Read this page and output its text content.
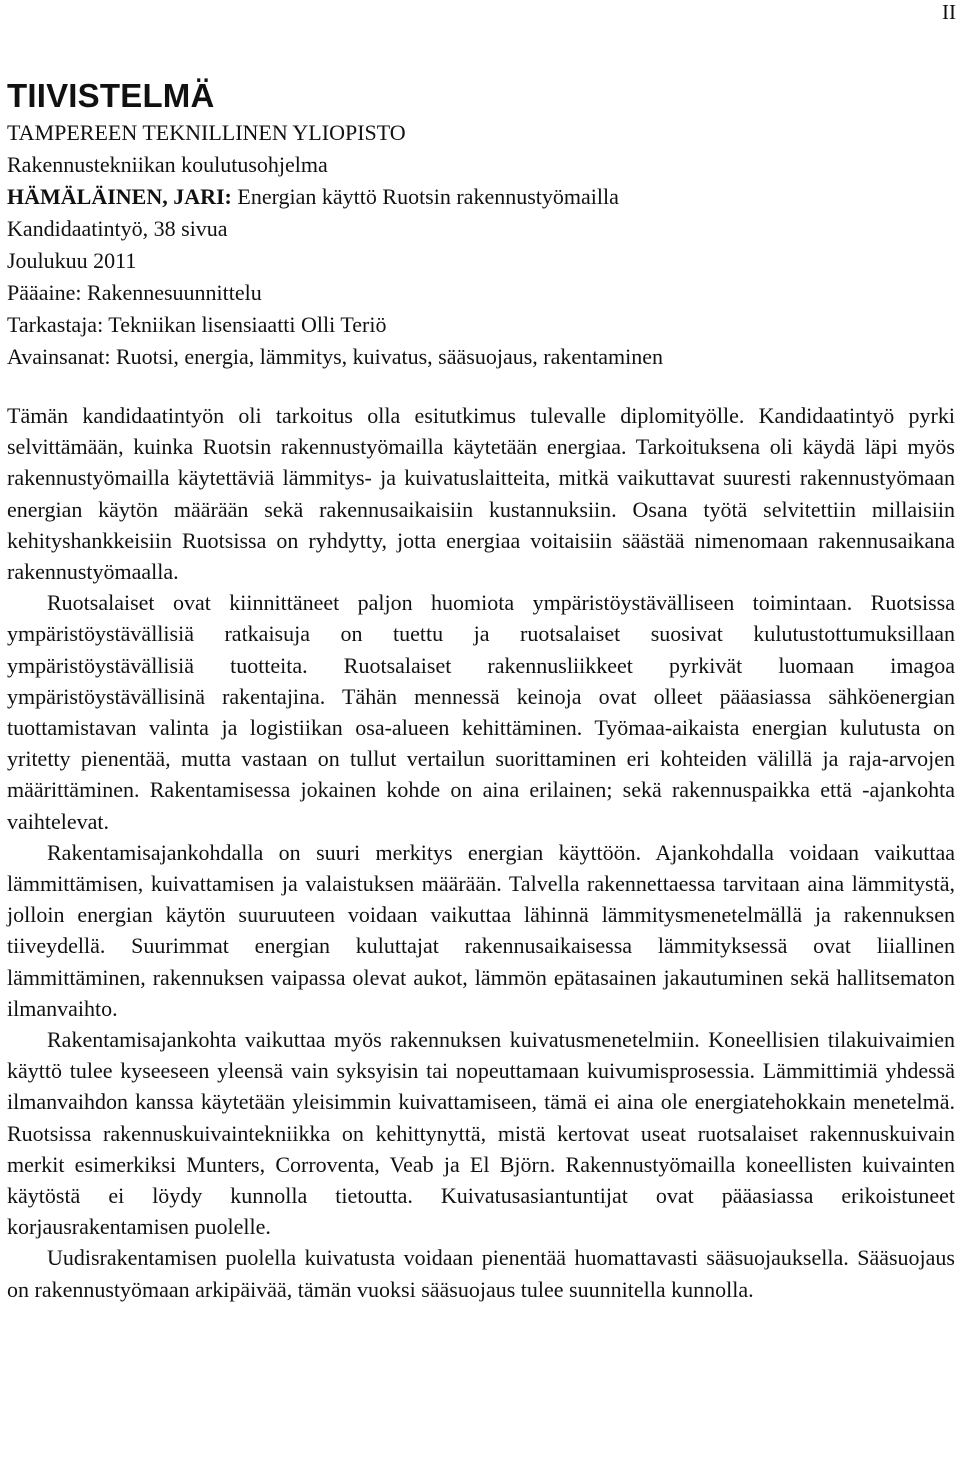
II
TIIVISTELMÄ
TAMPEREEN TEKNILLINEN YLIOPISTO
Rakennustekniikan koulutusohjelma
HÄMÄLÄINEN, JARI: Energian käyttö Ruotsin rakennustyömailla
Kandidaatintyö, 38 sivua
Joulukuu 2011
Pääaine: Rakennesuunnittelu
Tarkastaja: Tekniikan lisensiaatti Olli Teriö
Avainsanat: Ruotsi, energia, lämmitys, kuivatus, sääsuojaus, rakentaminen

Tämän kandidaatintyön oli tarkoitus olla esitutkimus tulevalle diplomityölle. Kandidaatintyö pyrki selvittämään, kuinka Ruotsin rakennustyömailla käytetään energiaa. Tarkoituksena oli käydä läpi myös rakennustyömailla käytettäviä lämmitys- ja kuivatuslaitteita, mitkä vaikuttavat suuresti rakennustyömaan energian käytön määrään sekä rakennusaikaisiin kustannuksiin. Osana työtä selvitettiin millaisiin kehityshankkeisiin Ruotsissa on ryhdytty, jotta energiaa voitaisiin säästää nimenomaan rakennusaikana rakennustyömaalla.

Ruotsalaiset ovat kiinnittäneet paljon huomiota ympäristöystävälliseen toimintaan. Ruotsissa ympäristöystävällisiä ratkaisuja on tuettu ja ruotsalaiset suosivat kulutustottumuksillaan ympäristöystävällisiä tuotteita. Ruotsalaiset rakennusliikkeet pyrkivät luomaan imagoa ympäristöystävällisinä rakentajina. Tähän mennessä keinoja ovat olleet pääasiassa sähköenergian tuottamistavan valinta ja logistiikan osa-alueen kehittäminen. Työmaa-aikaista energian kulutusta on yritetty pienentää, mutta vastaan on tullut vertailun suorittaminen eri kohteiden välillä ja raja-arvojen määrittäminen. Rakentamisessa jokainen kohde on aina erilainen; sekä rakennuspaikka että -ajankohta vaihtelevat.

Rakentamisajankohdalla on suuri merkitys energian käyttöön. Ajankohdalla voidaan vaikuttaa lämmittämisen, kuivattamisen ja valaistuksen määrään. Talvella rakennettaessa tarvitaan aina lämmitystä, jolloin energian käytön suuruuteen voidaan vaikuttaa lähinnä lämmitysmenetelmällä ja rakennuksen tiiveydellä. Suurimmat energian kuluttajat rakennusaikaisessa lämmityksessä ovat liiallinen lämmittäminen, rakennuksen vaipassa olevat aukot, lämmön epätasainen jakautuminen sekä hallitsematon ilmanvaihto.

Rakentamisajankohta vaikuttaa myös rakennuksen kuivatusmenetelmiin. Koneellisien tilakuivaimien käyttö tulee kyseeseen yleensä vain syksyisin tai nopeuttamaan kuivumisprosessia. Lämmittimiä yhdessä ilmanvaihdon kanssa käytetään yleisimmin kuivattamiseen, tämä ei aina ole energiatehokkain menetelmä. Ruotsissa rakennuskuivaintekniikka on kehittynyttä, mistä kertovat useat ruotsalaiset rakennuskuivain merkit esimerkiksi Munters, Corroventa, Veab ja El Björn. Rakennustyömailla koneellisten kuivainten käytöstä ei löydy kunnolla tietoutta. Kuivatusasiantuntijat ovat pääasiassa erikoistuneet korjausrakentamisen puolelle.

Uudisrakentamisen puolella kuivatusta voidaan pienentää huomattavasti sääsuojauksella. Sääsuojaus on rakennustyömaan arkipäivää, tämän vuoksi sääsuojaus tulee suunnitella kunnolla.
